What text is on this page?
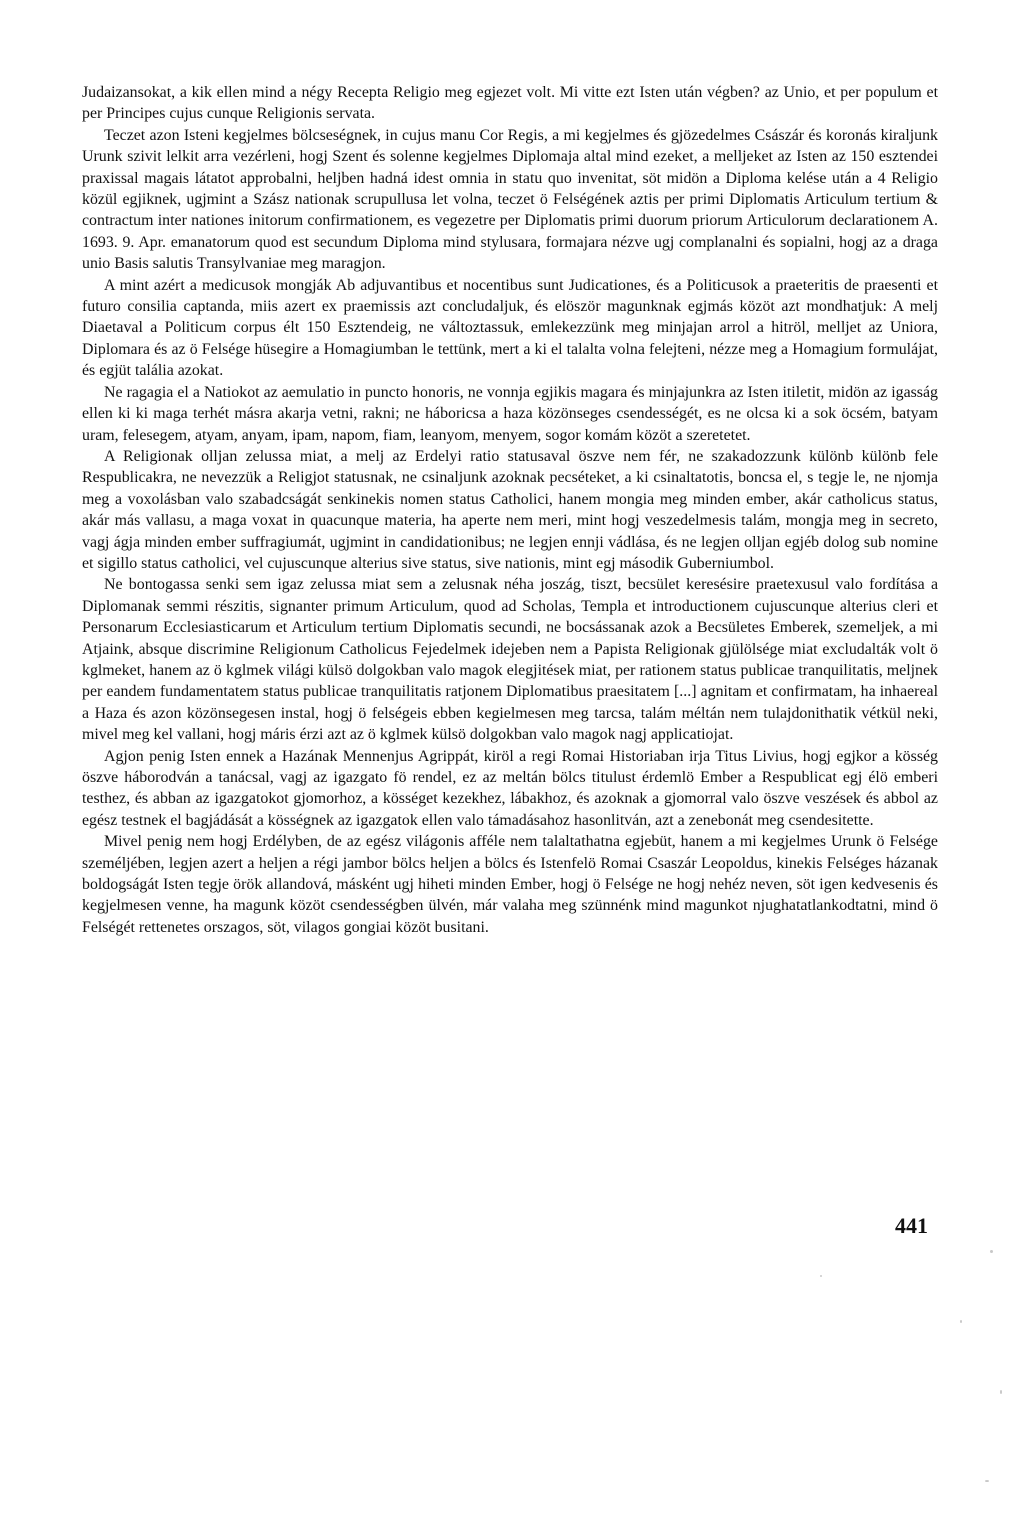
Judaizansokat, a kik ellen mind a négy Recepta Religio meg egjezet volt. Mi vitte ezt Isten után végben? az Unio, et per populum et per Principes cujus cunque Religionis servata.

Teczet azon Isteni kegjelmes bölcseségnek, in cujus manu Cor Regis, a mi kegjelmes és gjözedelmes Császár és koronás kiraljunk Urunk szivit lelkit arra vezérleni, hogj Szent és solenne kegjelmes Diplomaja altal mind ezeket, a melljeket az Isten az 150 esztendei praxissal magais látatot approbalni, heljben hadná idest omnia in statu quo invenitat, söt midön a Diploma kelése után a 4 Religio közül egjiknek, ugjmint a Szász nationak scrupullusa let volna, teczet ö Felségének aztis per primi Diplomatis Articulum tertium & contractum inter nationes initorum confirmationem, es vegezetre per Diplomatis primi duorum priorum Articulorum declarationem A. 1693. 9. Apr. emanatorum quod est secundum Diploma mind stylusara, formajara nézve ugj complanalni és sopialni, hogj az a draga unio Basis salutis Transylvaniae meg maragjon.

A mint azért a medicusok mongják Ab adjuvantibus et nocentibus sunt Judicationes, és a Politicusok a praeteritis de praesenti et futuro consilia captanda, miis azert ex praemissis azt concludaljuk, és elöször magunknak egjmás közöt azt mondhatjuk: A melj Diaetaval a Politicum corpus élt 150 Esztendeig, ne változtassuk, emlekezzünk meg minjajan arrol a hitröl, melljet az Uniora, Diplomara és az ö Felsége hüsegire a Homagiumban le tettünk, mert a ki el talalta volna felejteni, nézze meg a Homagium formulájat, és egjüt talália azokat.

Ne ragagia el a Natiokot az aemulatio in puncto honoris, ne vonnja egjikis magara és minjajunkra az Isten itiletit, midön az igasság ellen ki ki maga terhét másra akarja vetni, rakni; ne háboricsa a haza közönseges csendességét, es ne olcsa ki a sok öcsém, batyam uram, felesegem, atyam, anyam, ipam, napom, fiam, leanyom, menyem, sogor komám közöt a szeretetet.

A Religionak olljan zelussa miat, a melj az Erdelyi ratio statusaval öszve nem fér, ne szakadozzunk különb különb fele Respublicakra, ne nevezzük a Religjot statusnak, ne csinaljunk azoknak pecséteket, a ki csinaltatotis, boncsa el, s tegje le, ne njomja meg a voxolásban valo szabadcságát senkinekis nomen status Catholici, hanem mongia meg minden ember, akár catholicus status, akár más vallasu, a maga voxat in quacunque materia, ha aperte nem meri, mint hogj veszedelmesis talám, mongja meg in secreto, vagj ágja minden ember suffragiumát, ugjmint in candidationibus; ne legjen ennji vádlása, és ne legjen olljan egjéb dolog sub nomine et sigillo status catholici, vel cujuscunque alterius sive status, sive nationis, mint egj második Guberniumbol.

Ne bontogassa senki sem igaz zelussa miat sem a zelusnak néha joszág, tiszt, becsület keresésire praetexusul valo fordítása a Diplomanak semmi részitis, signanter primum Articulum, quod ad Scholas, Templa et introductionem cujuscunque alterius cleri et Personarum Ecclesiasticarum et Articulum tertium Diplomatis secundi, ne bocsássanak azok a Becsületes Emberek, szemeljek, a mi Atjaink, absque discrimine Religionum Catholicus Fejedelmek idejeben nem a Papista Religionak gjülölsége miat excludalták volt ö kglmeket, hanem az ö kglmek világi külsö dolgokban valo magok elegjitések miat, per rationem status publicae tranquilitatis, meljnek per eandem fundamentatem status publicae tranquilitatis ratjonem Diplomatibus praesitatem [...] agnitam et confirmatam, ha inhaereal a Haza és azon közönsegesen instal, hogj ö felségeis ebben kegielmesen meg tarcsa, talám méltán nem tulajdonithatik vétkül neki, mivel meg kel vallani, hogj máris érzi azt az ö kglmek külsö dolgokban valo magok nagj applicatiojat.

Agjon penig Isten ennek a Hazának Mennenjus Agrippát, kiröl a regi Romai Historiaban irja Titus Livius, hogj egjkor a kösség öszve háborodván a tanácsal, vagj az igazgato fö rendel, ez az meltán bölcs titulust érdemlö Ember a Respublicat egj élö emberi testhez, és abban az igazgatokot gjomorhoz, a kösséget kezekhez, lábakhoz, és azoknak a gjomorral valo öszve veszések és abbol az egész testnek el bagjádását a kösségnek az igazgatok ellen valo támadásahoz hasonlitván, azt a zenebonát meg csendesitette.

Mivel penig nem hogj Erdélyben, de az egész világonis afféle nem talaltathatna egjebüt, hanem a mi kegjelmes Urunk ö Felsége személjében, legjen azert a heljen a régi jambor bölcs heljen a bölcs és Istenfelö Romai Csaszár Leopoldus, kinekis Felséges házanak boldogságát Isten tegje örök allandová, másként ugj hiheti minden Ember, hogj ö Felsége ne hogj nehéz neven, söt igen kedvesenis és kegjelmesen venne, ha magunk közöt csendességben ülvén, már valaha meg szünnénk mind magunkot njughatatlankodtatni, mind ö Felségét rettenetes orszagos, söt, vilagos gongiai közöt busitani.

441
